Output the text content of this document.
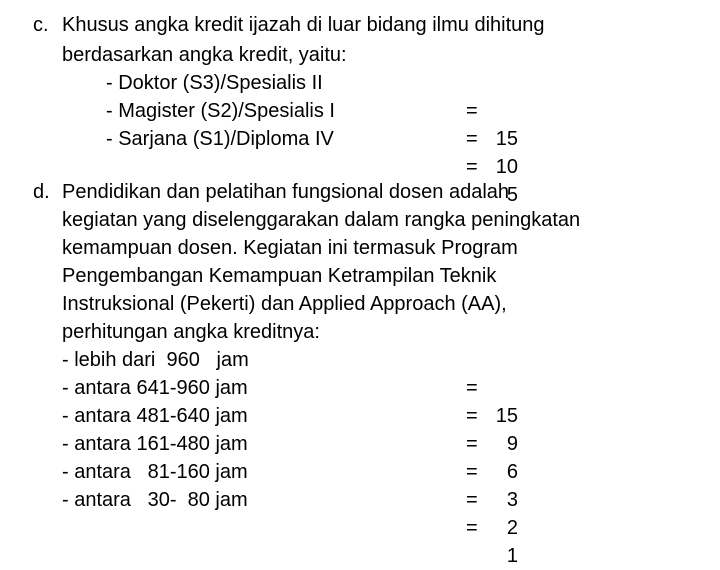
c. Khusus angka kredit ijazah di luar bidang ilmu dihitung
berdasarkan angka kredit, yaitu:
- Doktor (S3)/Spesialis II

=

15

- Magister (S2)/Spesialis I

=

10

- Sarjana (S1)/Diploma IV

=

5

d. Pendidikan dan pelatihan fungsional dosen adalah
kegiatan yang diselenggarakan dalam rangka peningkatan
kemampuan dosen. Kegiatan ini termasuk Program
Pengembangan Kemampuan Ketrampilan Teknik
Instruksional (Pekerti) dan Applied Approach (AA),
perhitungan angka kreditnya:
- lebih dari  960   jam

=

15

- antara 641-960 jam

=

9

- antara 481-640 jam

=

6

- antara 161-480 jam

=

3

- antara   81-160 jam

=

2

- antara   30-  80 jam

=

1
